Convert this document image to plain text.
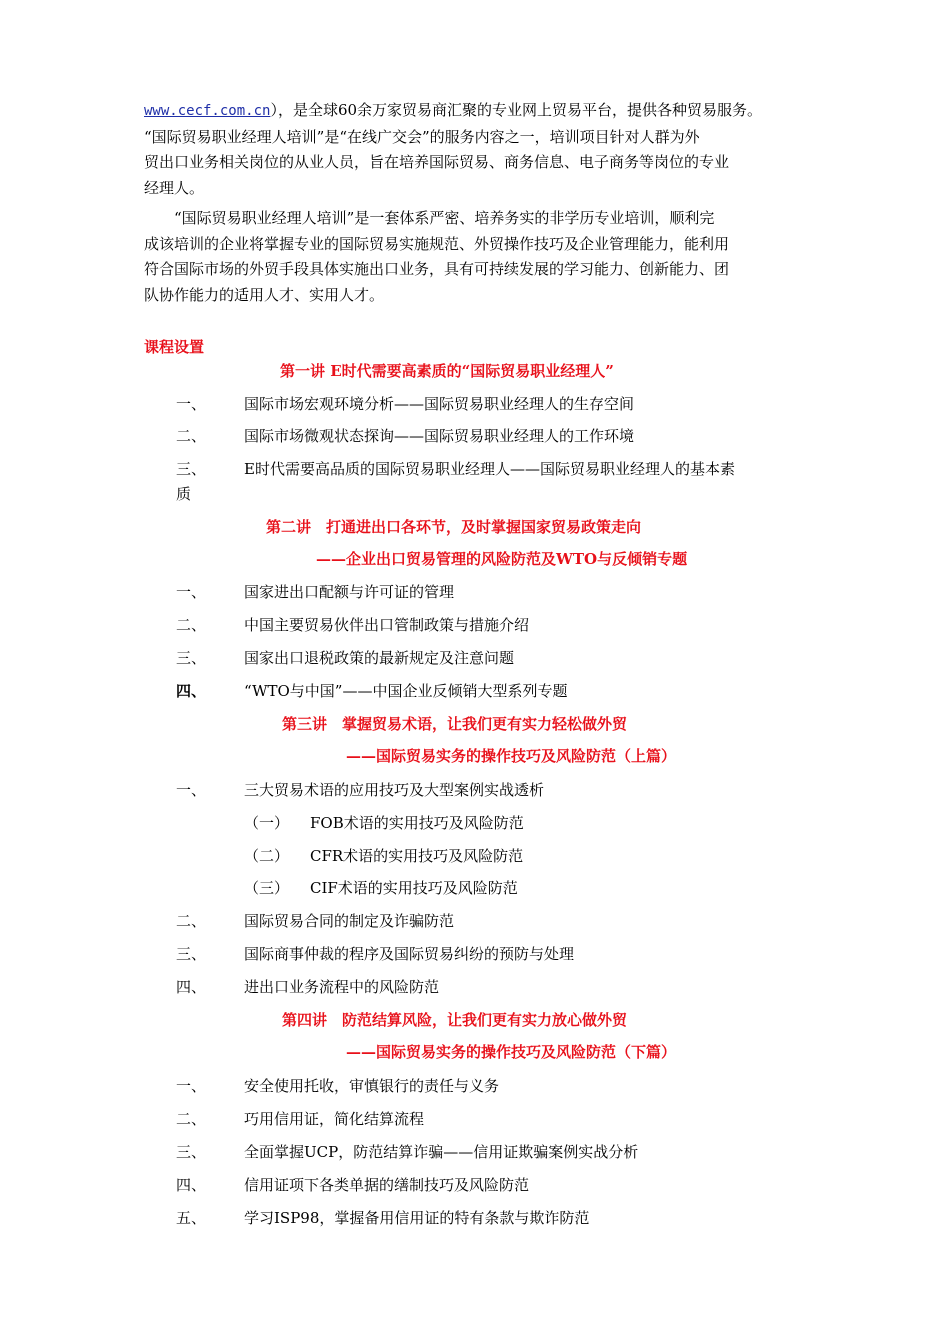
www.cecf.com.cn），是全球60余万家贸易商汇聚的专业网上贸易平台，提供各种贸易服务。
“国际贸易职业经理人培训”是“在线广交会”的服务内容之一，培训项目针对人群为外
贸出口业务相关岗位的从业人员，旨在培养国际贸易、商务信息、电子商务等岗位的专业
经理人。
“国际贸易职业经理人培训”是一套体系严密、培养务实的非学历专业培训，顺利完
成该培训的企业将掌握专业的国际贸易实施规范、外贸操作技巧及企业管理能力，能利用
符合国际市场的外贸手段具体实施出口业务，具有可持续发展的学习能力、创新能力、团
队协作能力的适用人才、实用人才。
课程设置
第一讲 E时代需要高素质的“国际贸易职业经理人”
一、	国际市场宏观环境分析——国际贸易职业经理人的生存空间
二、	国际市场微观状态探询——国际贸易职业经理人的工作环境
三、	E时代需要高品质的国际贸易职业经理人——国际贸易职业经理人的基本素
质
第二讲　打通进出口各环节，及时掌握国家贸易政策走向
——企业出口贸易管理的风险防范及WTO与反倾销专题
一、	国家进出口配额与许可证的管理
二、	中国主要贸易伙伴出口管制政策与措施介绍
三、	国家出口退税政策的最新规定及注意问题
四、	“WTO与中国”——中国企业反倾销大型系列专题
第三讲　掌握贸易术语，让我们更有实力轻松做外贸
——国际贸易实务的操作技巧及风险防范（上篇）
一、	三大贸易术语的应用技巧及大型案例实战透析
（一） FOB术语的实用技巧及风险防范
（二） CFR术语的实用技巧及风险防范
（三） CIF术语的实用技巧及风险防范
二、	国际贸易合同的制定及诈骗防范
三、	国际商事仲裁的程序及国际贸易纠纷的预防与处理
四、	进出口业务流程中的风险防范
第四讲　防范结算风险，让我们更有实力放心做外贸
——国际贸易实务的操作技巧及风险防范（下篇）
一、	安全使用托收，审慎银行的责任与义务
二、	巧用信用证，简化结算流程
三、	全面掌握UCP，防范结算诈骗——信用证欺骗案例实战分析
四、	信用证项下各类单据的缮制技巧及风险防范
五、	学习ISP98，掌握备用信用证的特有条款与欺诈防范
